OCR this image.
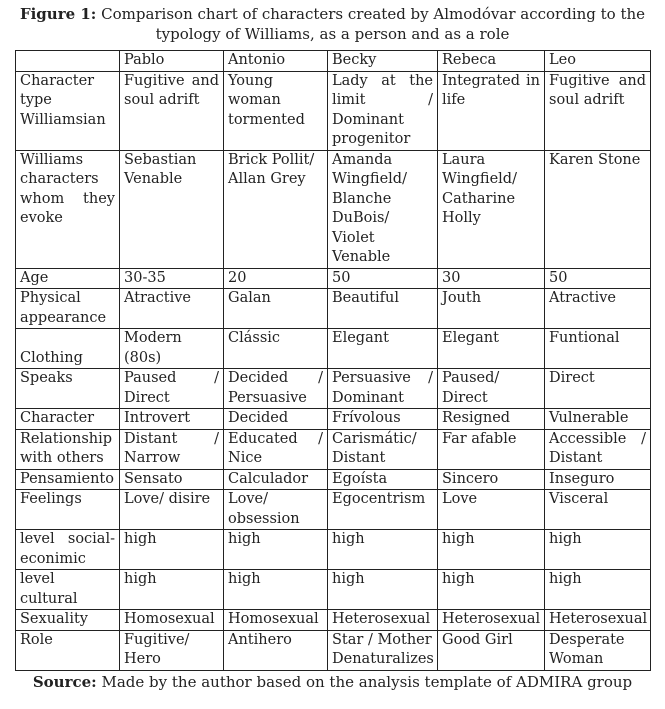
Figure 1: Comparison chart of characters created by Almodóvar according to the typology of Williams, as a person and as a role
	Pablo	Antonio	Becky	Rebeca	Leo
Character type Williamsian	Fugitive and soul adrift	Young woman tormented	Lady at the limit / Dominant progenitor	Integrated in life	Fugitive and soul adrift
Williams characters whom they evoke	Sebastian Venable	Brick Pollit/ Allan Grey	Amanda Wingfield/ Blanche DuBois/ Violet Venable	Laura Wingfield/ Catharine Holly	Karen Stone
Age	30-35	20	50	30	50
Physical appearance	Atractive	Galan	Beautiful	Jouth	Atractive
Clothing	Modern (80s)	Clássic	Elegant	Elegant	Funtional
Speaks	Paused / Direct	Decided / Persuasive	Persuasive / Dominant	Paused/ Direct	Direct
Character	Introvert	Decided	Frívolous	Resigned	Vulnerable
Relationship with others	Distant / Narrow	Educated / Nice	Carismátic/ Distant	Far afable	Accessible / Distant
Pensamiento	Sensato	Calculador	Egoísta	Sincero	Inseguro
Feelings	Love/ disire	Love/ obsession	Egocentrism	Love	Visceral
level social-econimic	high	high	high	high	high
level cultural	high	high	high	high	high
Sexuality	Homosexual	Homosexual	Heterosexual	Heterosexual	Heterosexual
Role	Fugitive/ Hero	Antihero	Star / Mother Denaturalizes	Good Girl	Desperate Woman
Source: Made by the author based on the analysis template of ADMIRA group
